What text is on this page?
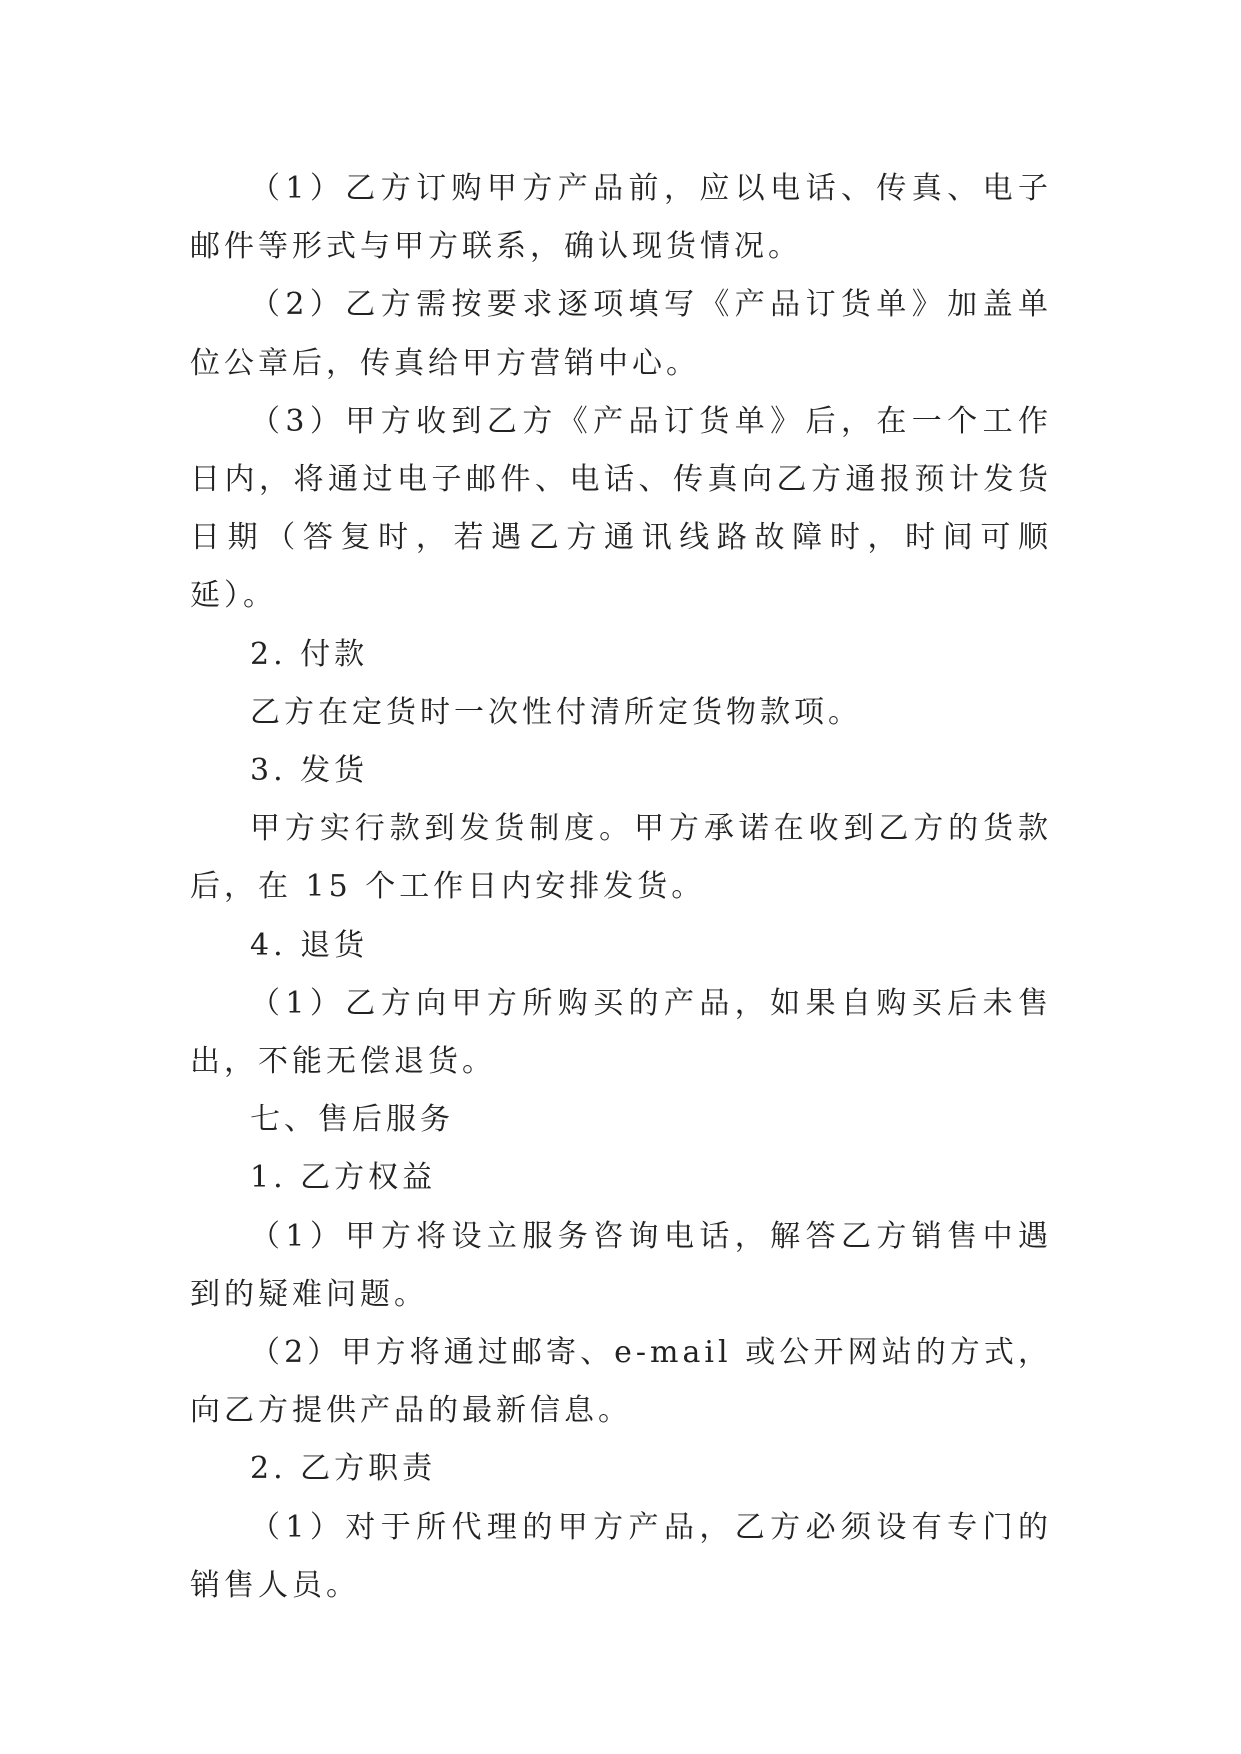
（1）乙方订购甲方产品前，应以电话、传真、电子邮件等形式与甲方联系，确认现货情况。

（2）乙方需按要求逐项填写《产品订货单》加盖单位公章后，传真给甲方营销中心。

（3）甲方收到乙方《产品订货单》后，在一个工作日内，将通过电子邮件、电话、传真向乙方通报预计发货日期（答复时，若遇乙方通讯线路故障时，时间可顺延）。

2. 付款

乙方在定货时一次性付清所定货物款项。

3. 发货

甲方实行款到发货制度。甲方承诺在收到乙方的货款后，在 15 个工作日内安排发货。

4. 退货

（1）乙方向甲方所购买的产品，如果自购买后未售出，不能无偿退货。

七、售后服务

1. 乙方权益

（1）甲方将设立服务咨询电话，解答乙方销售中遇到的疑难问题。

（2）甲方将通过邮寄、e-mail 或公开网站的方式，向乙方提供产品的最新信息。

2. 乙方职责

（1）对于所代理的甲方产品，乙方必须设有专门的销售人员。
